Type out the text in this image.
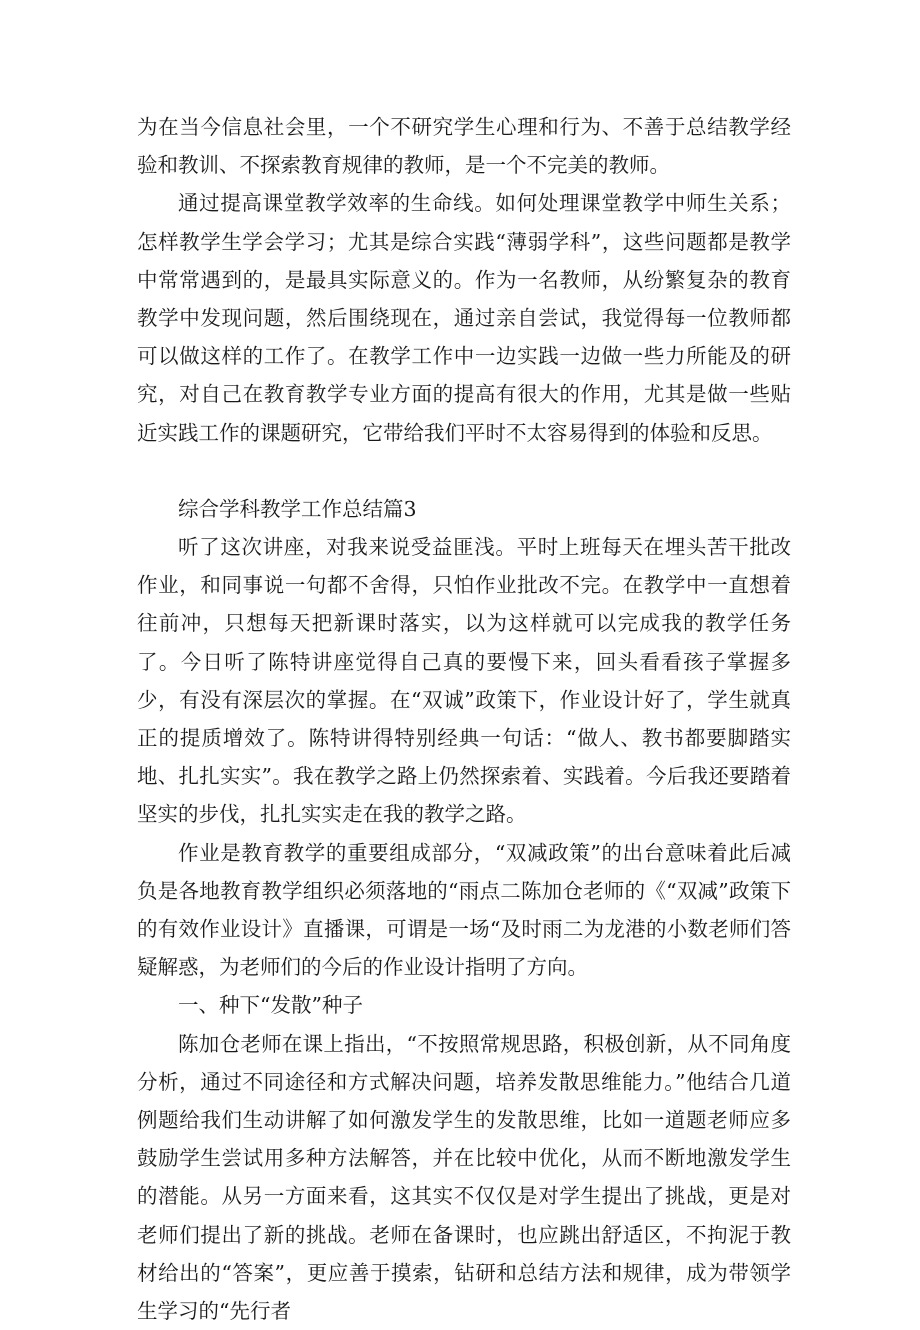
为在当今信息社会里，一个不研究学生心理和行为、不善于总结教学经验和教训、不探索教育规律的教师，是一个不完美的教师。

通过提高课堂教学效率的生命线。如何处理课堂教学中师生关系；怎样教学生学会学习；尤其是综合实践“薄弱学科”，这些问题都是教学中常常遇到的，是最具实际意义的。作为一名教师，从纷繁复杂的教育教学中发现问题，然后围绕现在，通过亲自尝试，我觉得每一位教师都可以做这样的工作了。在教学工作中一边实践一边做一些力所能及的研究，对自己在教育教学专业方面的提高有很大的作用，尤其是做一些贴近实践工作的课题研究，它带给我们平时不太容易得到的体验和反思。

综合学科教学工作总结篇3

听了这次讲座，对我来说受益匪浅。平时上班每天在埋头苦干批改作业，和同事说一句都不舍得，只怕作业批改不完。在教学中一直想着往前冲，只想每天把新课时落实，以为这样就可以完成我的教学任务了。今日听了陈特讲座觉得自己真的要慢下来，回头看看孩子掌握多少，有没有深层次的掌握。在“双诚”政策下，作业设计好了，学生就真正的提质增效了。陈特讲得特别经典一句话：“做人、教书都要脚踏实地、扎扎实实”。我在教学之路上仍然探索着、实践着。今后我还要踏着坚实的步伐，扎扎实实走在我的教学之路。

作业是教育教学的重要组成部分，“双减政策”的出台意味着此后减负是各地教育教学组织必须落地的“雨点二陈加仓老师的《“双减”政策下的有效作业设计》直播课，可谓是一场“及时雨二为龙港的小数老师们答疑解惑，为老师们的今后的作业设计指明了方向。

一、种下“发散”种子

陈加仓老师在课上指出，“不按照常规思路，积极创新，从不同角度分析，通过不同途径和方式解决问题，培养发散思维能力。”他结合几道例题给我们生动讲解了如何激发学生的发散思维，比如一道题老师应多鼓励学生尝试用多种方法解答，并在比较中优化，从而不断地激发学生的潜能。从另一方面来看，这其实不仅仅是对学生提出了挑战，更是对老师们提出了新的挑战。老师在备课时，也应跳出舒适区，不拘泥于教材给出的“答案”，更应善于摸索，钻研和总结方法和规律，成为带领学生学习的“先行者
